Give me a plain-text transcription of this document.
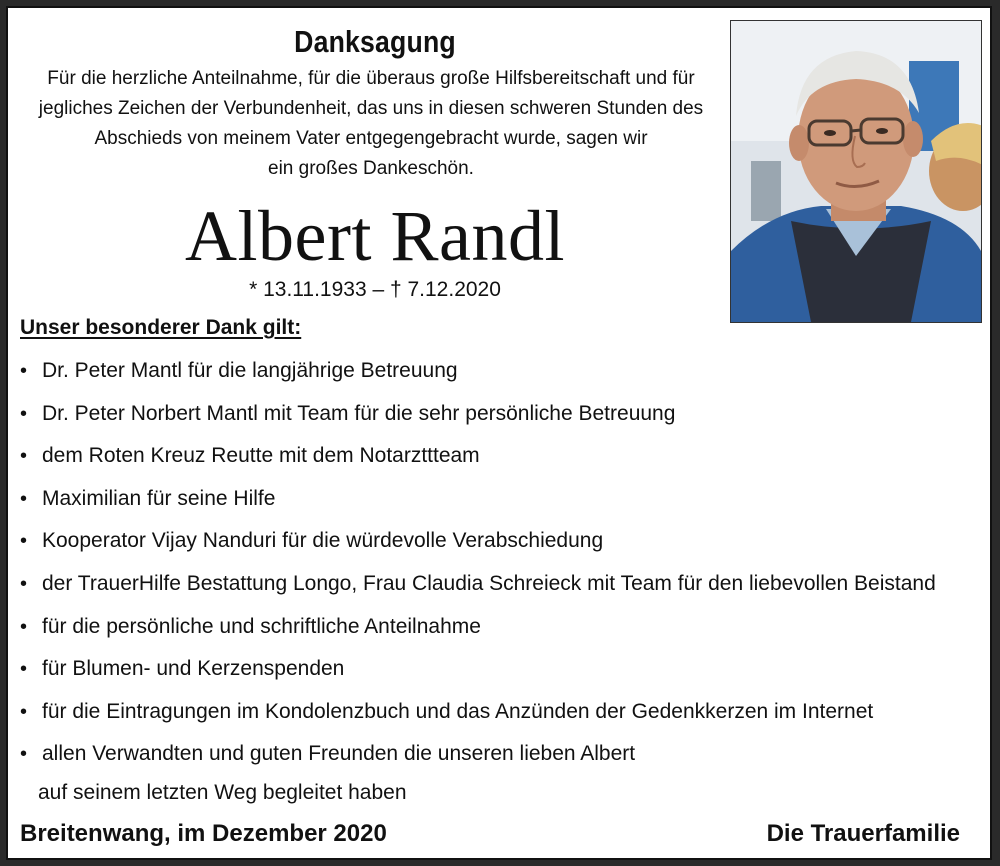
Danksagung
Für die herzliche Anteilnahme, für die überaus große Hilfsbereitschaft und für
jegliches Zeichen der Verbundenheit, das uns in diesen schweren Stunden des
Abschieds von meinem Vater entgegengebracht wurde, sagen wir
ein großes Dankeschön.
Albert Randl
* 13.11.1933 – † 7.12.2020
Unser besonderer Dank gilt:
• Dr. Peter Mantl für die langjährige Betreuung
• Dr. Peter Norbert Mantl mit Team für die sehr persönliche Betreuung
• dem Roten Kreuz Reutte mit dem Notarzttteam
• Maximilian für seine Hilfe
• Kooperator Vijay Nanduri für die würdevolle Verabschiedung
• der TrauerHilfe Bestattung Longo, Frau Claudia Schreieck mit Team für den liebevollen Beistand
• für die persönliche und schriftliche Anteilnahme
• für Blumen- und Kerzenspenden
• für die Eintragungen im Kondolenzbuch und das Anzünden der Gedenkkerzen im Internet
• allen Verwandten und guten Freunden die unseren lieben Albert
auf seinem letzten Weg begleitet haben
Breitenwang, im Dezember 2020	Die Trauerfamilie
